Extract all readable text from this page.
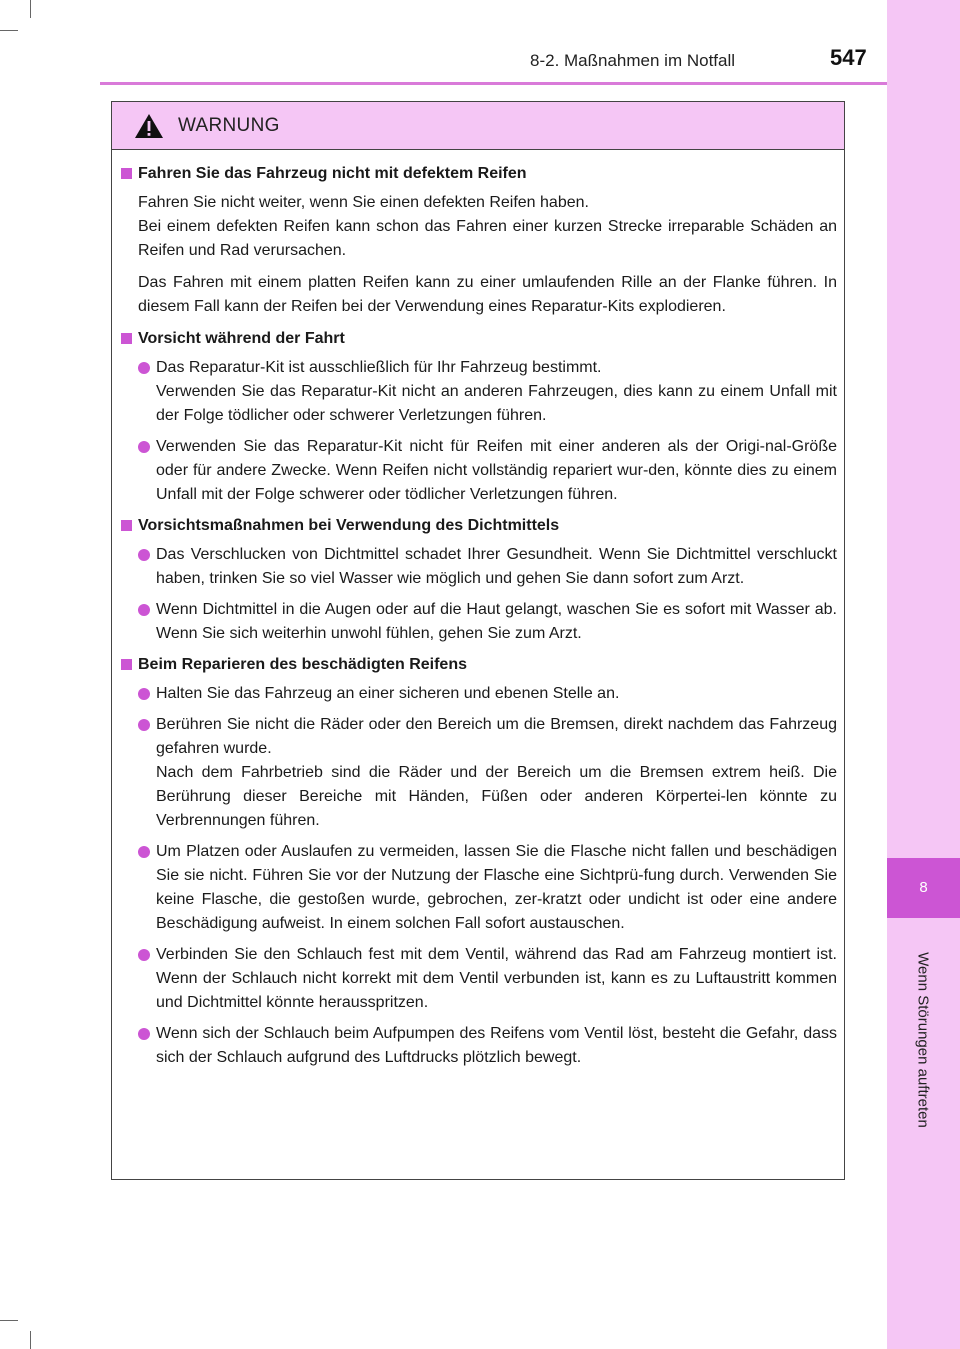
8
Wenn Störungen auftreten
8-2. Maßnahmen im Notfall	547
WARNUNG
Fahren Sie das Fahrzeug nicht mit defektem Reifen
Fahren Sie nicht weiter, wenn Sie einen defekten Reifen haben.
Bei einem defekten Reifen kann schon das Fahren einer kurzen Strecke irreparable Schäden an Reifen und Rad verursachen.
Das Fahren mit einem platten Reifen kann zu einer umlaufenden Rille an der Flanke führen. In diesem Fall kann der Reifen bei der Verwendung eines Reparatur-Kits explodieren.
Vorsicht während der Fahrt
Das Reparatur-Kit ist ausschließlich für Ihr Fahrzeug bestimmt.
Verwenden Sie das Reparatur-Kit nicht an anderen Fahrzeugen, dies kann zu einem Unfall mit der Folge tödlicher oder schwerer Verletzungen führen.
Verwenden Sie das Reparatur-Kit nicht für Reifen mit einer anderen als der Origi-nal-Größe oder für andere Zwecke. Wenn Reifen nicht vollständig repariert wur-den, könnte dies zu einem Unfall mit der Folge schwerer oder tödlicher Verletzungen führen.
Vorsichtsmaßnahmen bei Verwendung des Dichtmittels
Das Verschlucken von Dichtmittel schadet Ihrer Gesundheit. Wenn Sie Dichtmittel verschluckt haben, trinken Sie so viel Wasser wie möglich und gehen Sie dann sofort zum Arzt.
Wenn Dichtmittel in die Augen oder auf die Haut gelangt, waschen Sie es sofort mit Wasser ab. Wenn Sie sich weiterhin unwohl fühlen, gehen Sie zum Arzt.
Beim Reparieren des beschädigten Reifens
Halten Sie das Fahrzeug an einer sicheren und ebenen Stelle an.
Berühren Sie nicht die Räder oder den Bereich um die Bremsen, direkt nachdem das Fahrzeug gefahren wurde.
Nach dem Fahrbetrieb sind die Räder und der Bereich um die Bremsen extrem heiß. Die Berührung dieser Bereiche mit Händen, Füßen oder anderen Körpertei-len könnte zu Verbrennungen führen.
Um Platzen oder Auslaufen zu vermeiden, lassen Sie die Flasche nicht fallen und beschädigen Sie sie nicht. Führen Sie vor der Nutzung der Flasche eine Sichtprü-fung durch. Verwenden Sie keine Flasche, die gestoßen wurde, gebrochen, zer-kratzt oder undicht ist oder eine andere Beschädigung aufweist. In einem solchen Fall sofort austauschen.
Verbinden Sie den Schlauch fest mit dem Ventil, während das Rad am Fahrzeug montiert ist. Wenn der Schlauch nicht korrekt mit dem Ventil verbunden ist, kann es zu Luftaustritt kommen und Dichtmittel könnte herausspritzen.
Wenn sich der Schlauch beim Aufpumpen des Reifens vom Ventil löst, besteht die Gefahr, dass sich der Schlauch aufgrund des Luftdrucks plötzlich bewegt.
